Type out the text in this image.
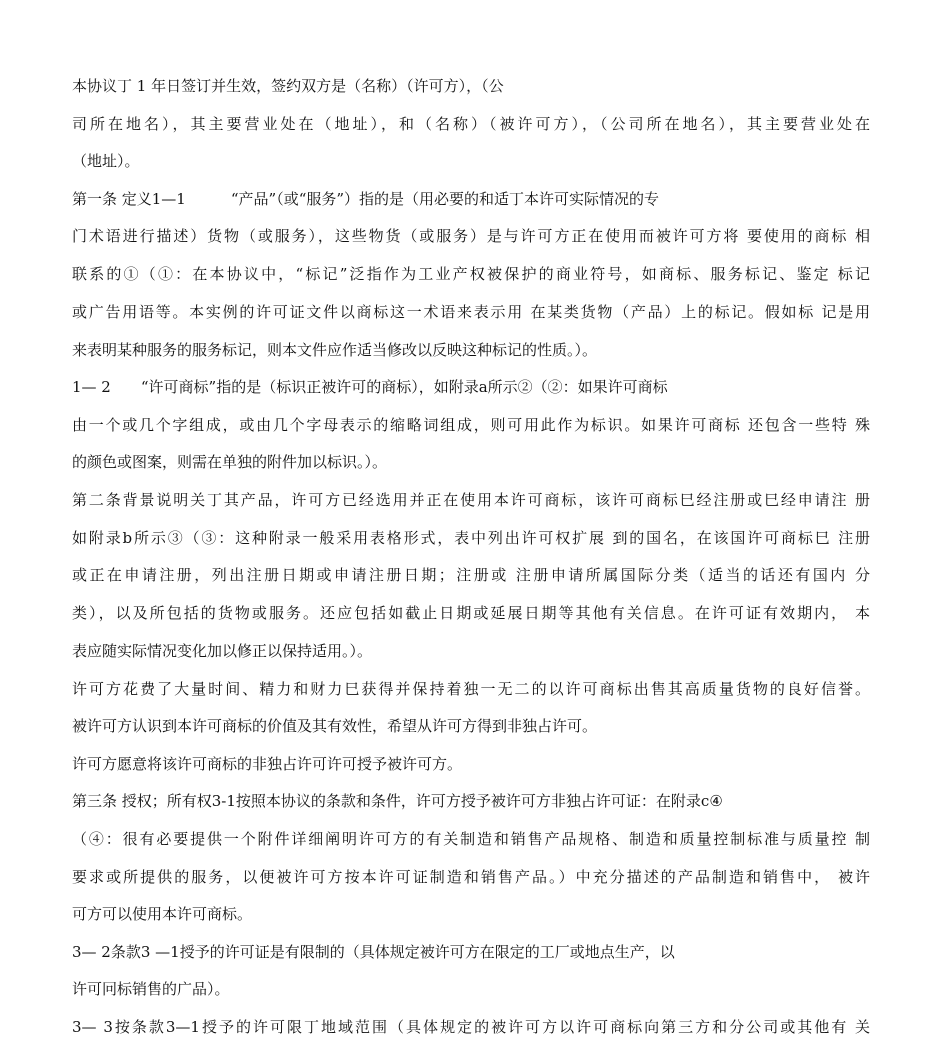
本协议丁 1 年日签订并生效，签约双方是（名称）（许可方），（公
司所在地名），其主要营业处在（地址），和（名称）（被许可方），（公司所在地名），其主要营业处在
（地址）。
第一条 定义1—1　　　“产品”（或“服务”）指的是（用必要的和适丁本许可实际情况的专
门术语进行描述）货物（或服务），这些物货（或服务）是与许可方正在使用而被许可方将 要使用的商标 相
联系的①（①：在本协议中，“标记”泛指作为工业产权被保护的商业符号，如商标、服务标记、鉴定 标记
或广告用语等。本实例的许可证文件以商标这一术语来表示用 在某类货物（产品）上的标记。假如标 记是用
来表明某种服务的服务标记，则本文件应作适当修改以反映这种标记的性质。）。
1— 2　　“许可商标”指的是（标识正被许可的商标），如附录a所示②（②：如果许可商标
由一个或几个字组成，或由几个字母表示的缩略词组成，则可用此作为标识。如果许可商标 还包含一些特 殊
的颜色或图案，则需在单独的附件加以标识。）。
第二条背景说明关丁其产品，许可方已经选用并正在使用本许可商标，该许可商标巳经注册或巳经申请注 册
如附录b所示③（③：这种附录一般采用表格形式，表中列出许可权扩展 到的国名，在该国许可商标巳 注册
或正在申请注册，列出注册日期或申请注册日期；注册或 注册申请所属国际分类（适当的话还有国内 分
类），以及所包括的货物或服务。还应包括如截止日期或延展日期等其他有关信息。在许可证有效期内， 本
表应随实际情况变化加以修正以保持适用。）。
许可方花费了大量时间、精力和财力巳获得并保持着独一无二的以许可商标出售其高质量货物的良好信誉。
被许可方认识到本许可商标的价值及其有效性，希望从许可方得到非独占许可。
许可方愿意将该许可商标的非独占许可许可授予被许可方。
第三条 授权；所有权3-1按照本协议的条款和条件，许可方授予被许可方非独占许可证：在附录c④
（④：很有必要提供一个附件详细阐明许可方的有关制造和销售产品规格、制造和质量控制标准与质量控 制
要求或所提供的服务，以便被许可方按本许可证制造和销售产品。）中充分描述的产品制造和销售中， 被许
可方可以使用本许可商标。
3— 2条款3 —1授予的许可证是有限制的（具体规定被许可方在限定的工厂或地点生产，以
许可冋标销售的广品）。
3— 3按条款3—1授予的许可限丁地域范围（具体规定的被许可方以许可商标向第三方和分公司或其他有 关
